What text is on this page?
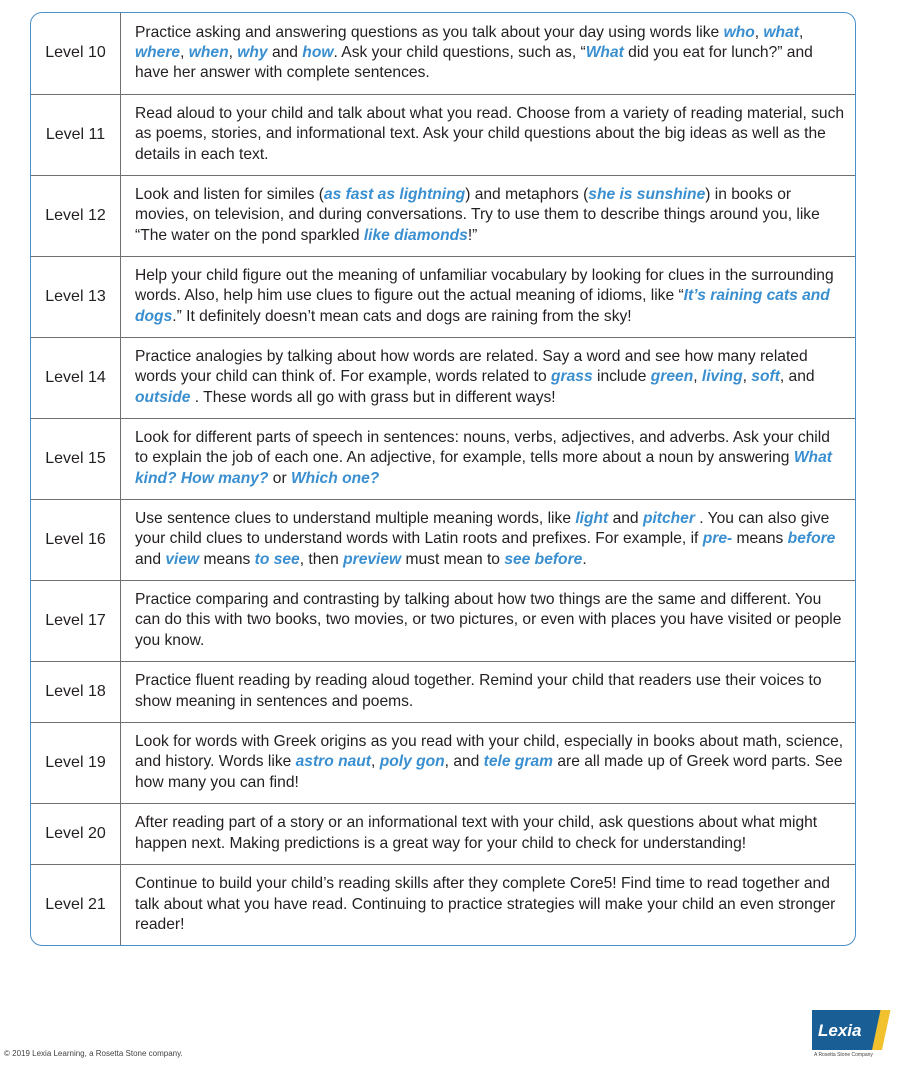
Level 10	Practice asking and answering questions as you talk about your day using words like who, what, where, when, why and how. Ask your child questions, such as, “What did you eat for lunch?” and have her answer with complete sentences.
Level 11	Read aloud to your child and talk about what you read. Choose from a variety of reading material, such as poems, stories, and informational text. Ask your child questions about the big ideas as well as the details in each text.
Level 12	Look and listen for similes (as fast as lightning) and metaphors (she is sunshine) in books or movies, on television, and during conversations. Try to use them to describe things around you, like “The water on the pond sparkled like diamonds!”
Level 13	Help your child figure out the meaning of unfamiliar vocabulary by looking for clues in the surrounding words. Also, help him use clues to figure out the actual meaning of idioms, like “It’s raining cats and dogs.” It definitely doesn’t mean cats and dogs are raining from the sky!
Level 14	Practice analogies by talking about how words are related. Say a word and see how many related words your child can think of. For example, words related to grass include green, living, soft, and outside . These words all go with grass but in different ways!
Level 15	Look for different parts of speech in sentences: nouns, verbs, adjectives, and adverbs. Ask your child to explain the job of each one. An adjective, for example, tells more about a noun by answering What kind? How many? or Which one?
Level 16	Use sentence clues to understand multiple meaning words, like light and pitcher . You can also give your child clues to understand words with Latin roots and prefixes. For example, if pre- means before and view means to see, then preview must mean to see before.
Level 17	Practice comparing and contrasting by talking about how two things are the same and different. You can do this with two books, two movies, or two pictures, or even with places you have visited or people you know.
Level 18	Practice fluent reading by reading aloud together. Remind your child that readers use their voices to show meaning in sentences and poems.
Level 19	Look for words with Greek origins as you read with your child, especially in books about math, science, and history. Words like astro naut, poly gon, and tele gram are all made up of Greek word parts. See how many you can find!
Level 20	After reading part of a story or an informational text with your child, ask questions about what might happen next. Making predictions is a great way for your child to check for understanding!
Level 21	Continue to build your child’s reading skills after they complete Core5! Find time to read together and talk about what you have read. Continuing to practice strategies will make your child an even stronger reader!
© 2019 Lexia Learning, a Rosetta Stone company.
Lexia
A Rosetta Stone Company
